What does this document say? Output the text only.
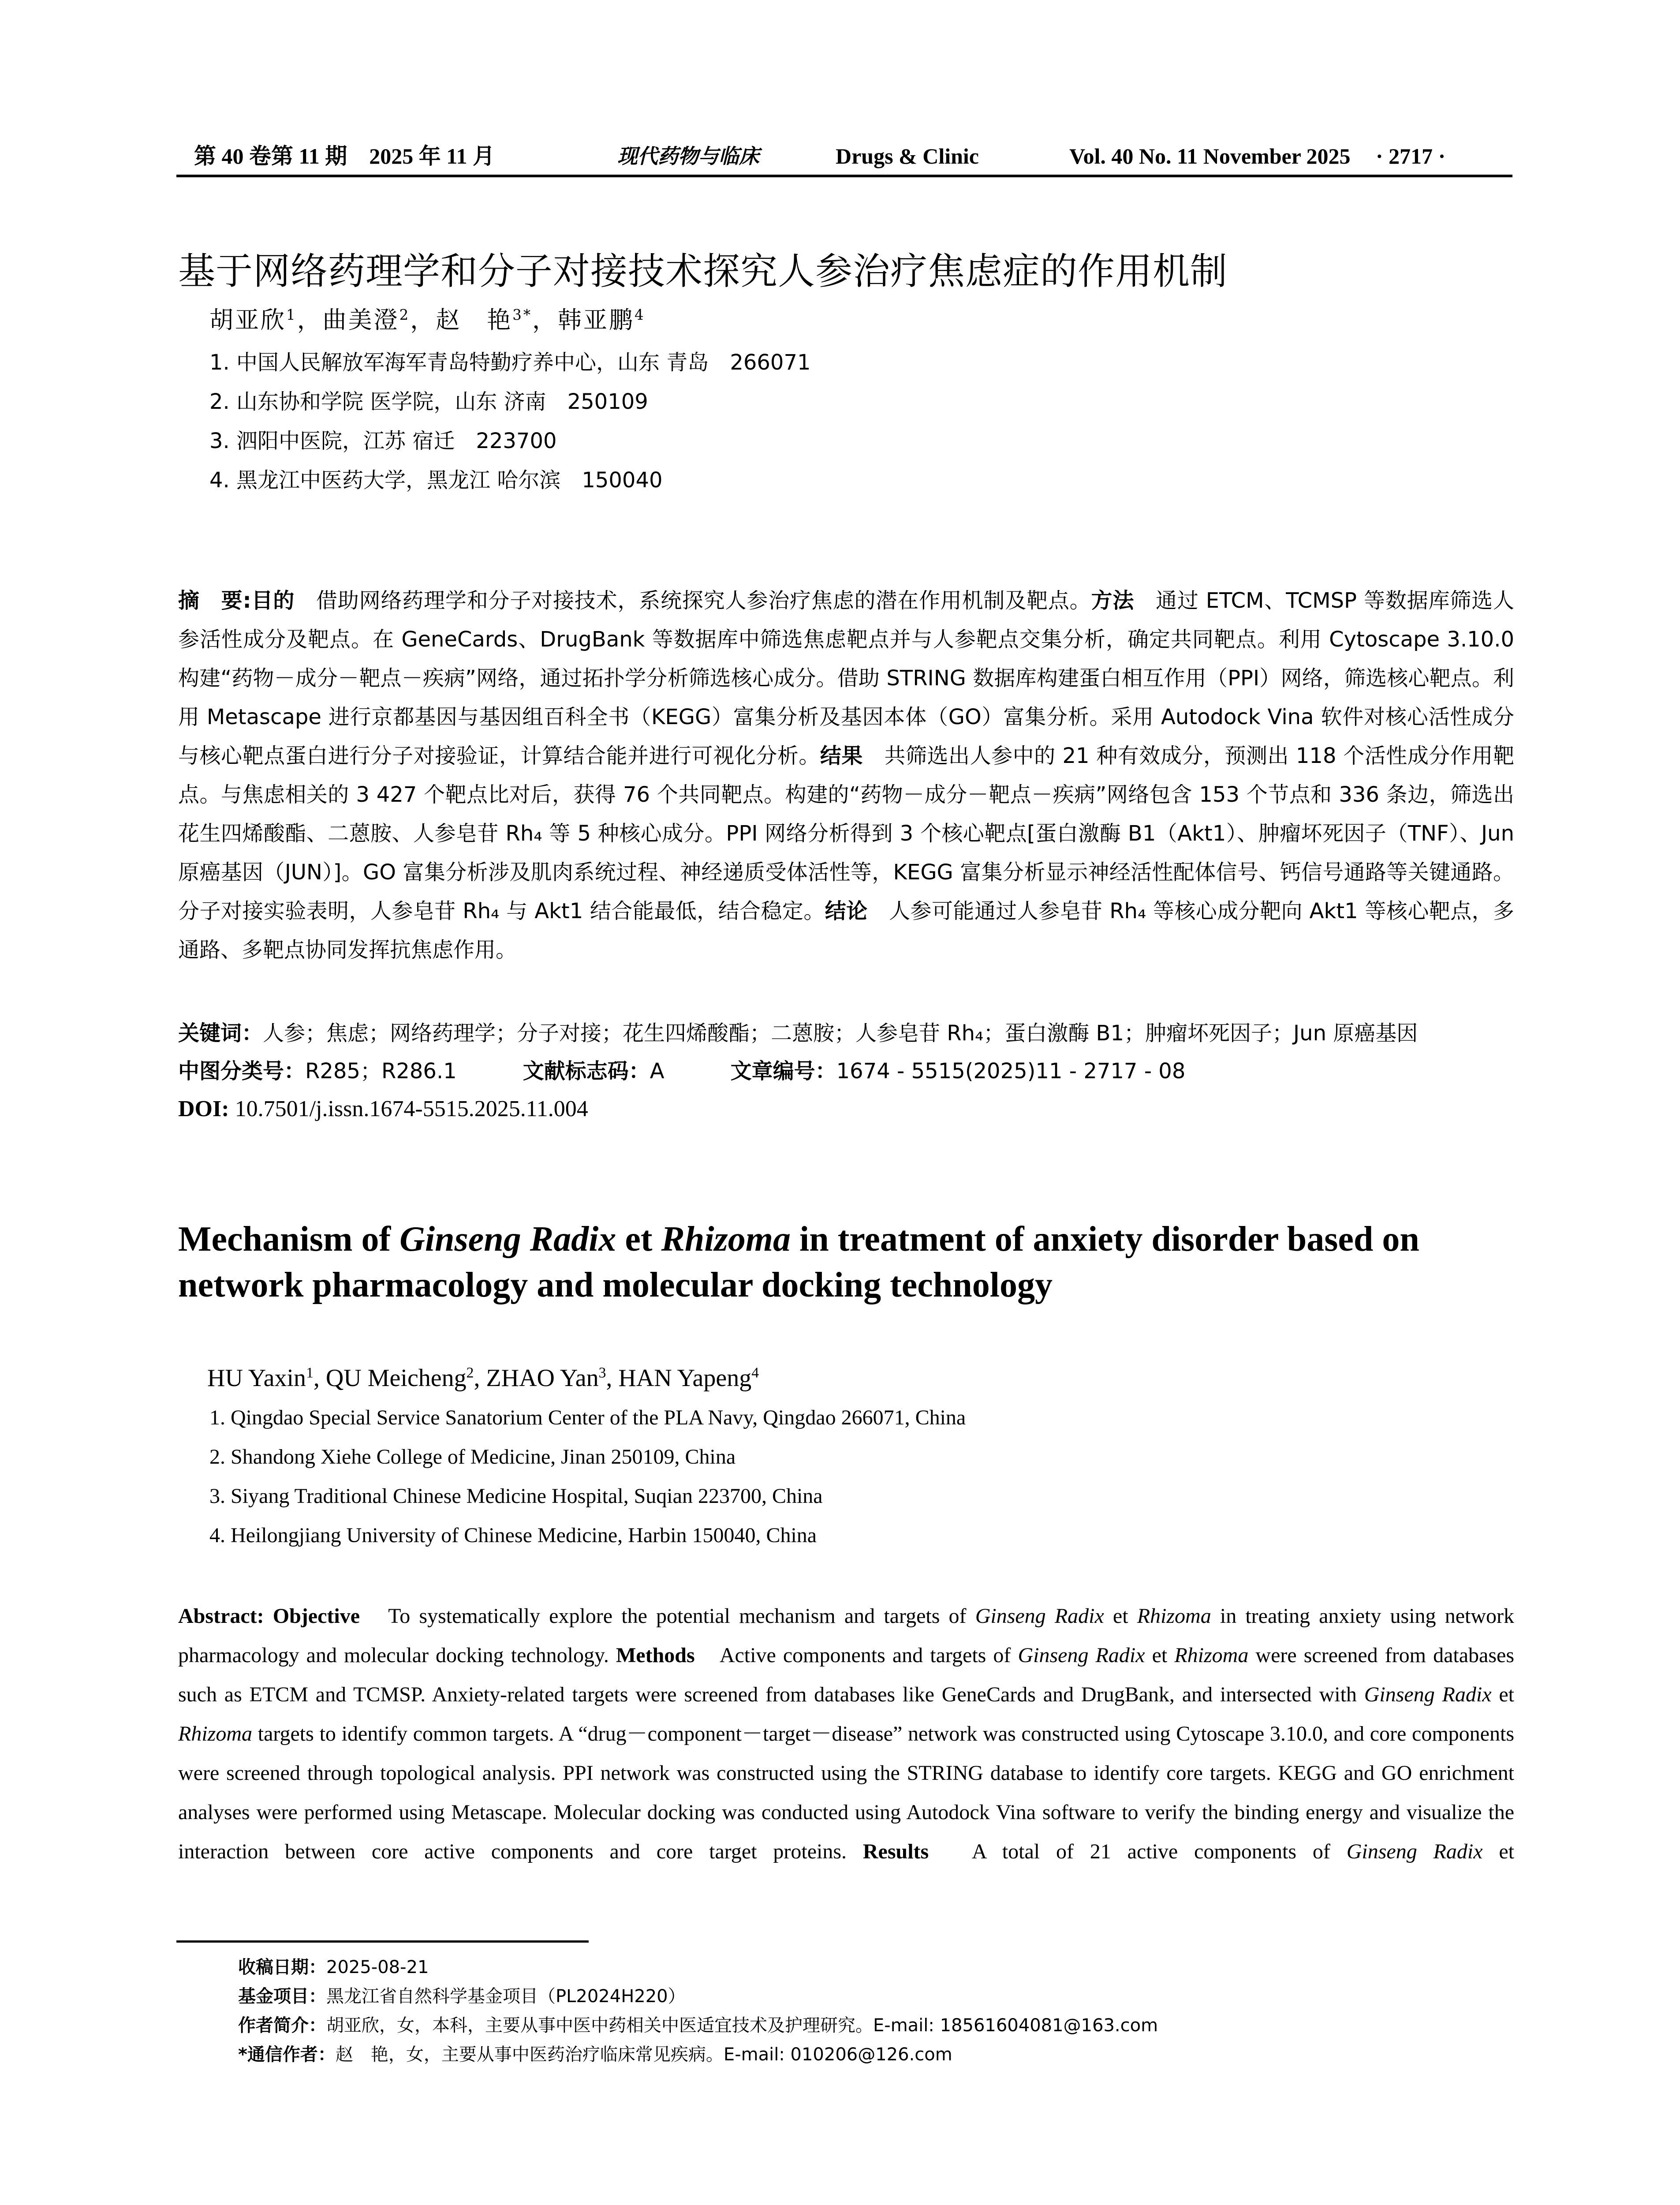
第 40 卷第 11 期　2025 年 11 月	现代药物与临床	Drugs & Clinic	Vol. 40 No. 11 November 2025 · 2717 ·
基于网络药理学和分子对接技术探究人参治疗焦虑症的作用机制
胡亚欣$^1$，曲美澄$^2$，赵　艳$^{3*}$，韩亚鹏$^4$
1. 中国人民解放军海军青岛特勤疗养中心，山东 青岛　266071
2. 山东协和学院 医学院，山东 济南　250109
3. 泗阳中医院，江苏 宿迁　223700
4. 黑龙江中医药大学，黑龙江 哈尔滨　150040
摘　要:目的　 借助网络药理学和分子对接技术，系统探究人参治疗焦虑的潜在作用机制及靶点。方法　 通过 ETCM、TCMSP 等数据库筛选人参活性成分及靶点。在 GeneCards、DrugBank 等数据库中筛选焦虑靶点并与人参靶点交集分析，确定共同靶点。利用 Cytoscape 3.10.0 构建“药物－成分－靶点－疾病”网络，通过拓扑学分析筛选核心成分。借助 STRING 数据库构建蛋白相互作用（PPI）网络，筛选核心靶点。利用 Metascape 进行京都基因与基因组百科全书（KEGG）富集分析及基因本体（GO）富集分析。采用 Autodock Vina 软件对核心活性成分与核心靶点蛋白进行分子对接验证，计算结合能并进行可视化分析。结果　 共筛选出人参中的 21 种有效成分，预测出 118 个活性成分作用靶点。与焦虑相关的 3 427 个靶点比对后，获得 76 个共同靶点。构建的“药物－成分－靶点－疾病”网络包含 153 个节点和 336 条边，筛选出花生四烯酸酯、二蒽胺、人参皂苷 Rh₄ 等 5 种核心成分。PPI 网络分析得到 3 个核心靶点[蛋白激酶 B1（Akt1）、肿瘤坏死因子（TNF）、Jun 原癌基因（JUN）]。GO 富集分析涉及肌肉系统过程、神经递质受体活性等，KEGG 富集分析显示神经活性配体信号、钙信号通路等关键通路。分子对接实验表明，人参皂苷 Rh₄ 与 Akt1 结合能最低，结合稳定。结论　 人参可能通过人参皂苷 Rh₄ 等核心成分靶向 Akt1 等核心靶点，多通路、多靶点协同发挥抗焦虑作用。
关键词：人参；焦虑；网络药理学；分子对接；花生四烯酸酯；二蒽胺；人参皂苷 Rh₄；蛋白激酶 B1；肿瘤坏死因子；Jun 原癌基因
中图分类号：R285；R286.1	文献标志码：A	文章编号：1674 - 5515(2025)11 - 2717 - 08
DOI: 10.7501/j.issn.1674-5515.2025.11.004
Mechanism of Ginseng Radix et Rhizoma in treatment of anxiety disorder based on network pharmacology and molecular docking technology
HU Yaxin$^1$, QU Meicheng$^2$, ZHAO Yan$^3$, HAN Yapeng$^4$
1. Qingdao Special Service Sanatorium Center of the PLA Navy, Qingdao 266071, China
2. Shandong Xiehe College of Medicine, Jinan 250109, China
3. Siyang Traditional Chinese Medicine Hospital, Suqian 223700, China
4. Heilongjiang University of Chinese Medicine, Harbin 150040, China
Abstract: Objective　To systematically explore the potential mechanism and targets of Ginseng Radix et Rhizoma in treating anxiety using network pharmacology and molecular docking technology. Methods　Active components and targets of Ginseng Radix et Rhizoma were screened from databases such as ETCM and TCMSP. Anxiety-related targets were screened from databases like GeneCards and DrugBank, and intersected with Ginseng Radix et Rhizoma targets to identify common targets. A “drug－component－target－disease” network was constructed using Cytoscape 3.10.0, and core components were screened through topological analysis. PPI network was constructed using the STRING database to identify core targets. KEGG and GO enrichment analyses were performed using Metascape. Molecular docking was conducted using Autodock Vina software to verify the binding energy and visualize the interaction between core active components and core target proteins. Results　A total of 21 active components of Ginseng Radix et
收稿日期：2025-08-21
基金项目：黑龙江省自然科学基金项目（PL2024H220）
作者简介：胡亚欣，女，本科，主要从事中医中药相关中医适宜技术及护理研究。E-mail: 18561604081@163.com
*通信作者：赵　艳，女，主要从事中医药治疗临床常见疾病。E-mail: 010206@126.com
